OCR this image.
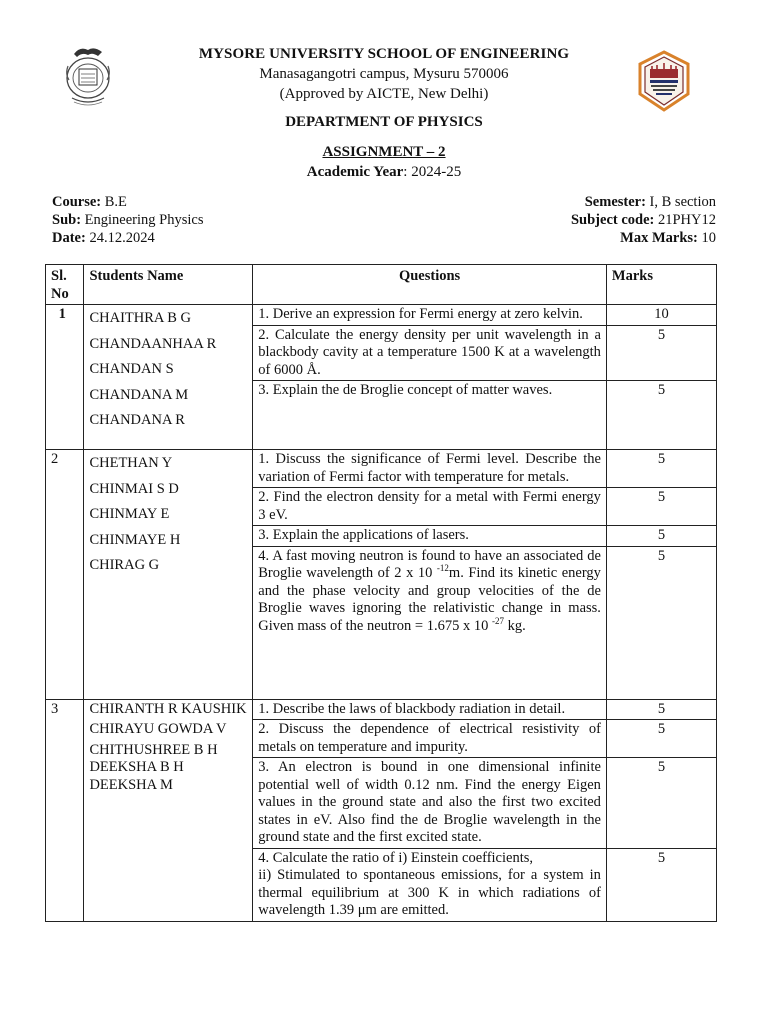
MYSORE UNIVERSITY SCHOOL OF ENGINEERING
Manasagangotri campus, Mysuru 570006
(Approved by AICTE, New Delhi)
DEPARTMENT OF PHYSICS
ASSIGNMENT – 2
Academic Year: 2024-25
Course: B.E
Sub: Engineering Physics
Date: 24.12.2024
Semester: I, B section
Subject code: 21PHY12
Max Marks: 10
Sl. No	Students Name	Questions	Marks
1	CHAITHRA B G
CHANDAANHAA R
CHANDAN S
CHANDANA M
CHANDANA R	1. Derive an expression for Fermi energy at zero kelvin.	10
		2. Calculate the energy density per unit wavelength in a blackbody cavity at a temperature 1500 K at a wavelength of 6000 Å.	5
		3. Explain the de Broglie concept of matter waves.	5
2	CHETHAN Y
CHINMAI S D
CHINMAY E
CHINMAYE H
CHIRAG G	1. Discuss the significance of Fermi level. Describe the variation of Fermi factor with temperature for metals.	5
		2. Find the electron density for a metal with Fermi energy 3 eV.	5
		3. Explain the applications of lasers.	5
		4. A fast moving neutron is found to have an associated de Broglie wavelength of 2 x 10 $^{-12}$m. Find its kinetic energy and the phase velocity and group velocities of the de Broglie waves ignoring the relativistic change in mass. Given mass of the neutron = 1.675 x 10 $^{-27}$ kg.	5
3	CHIRANTH R KAUSHIK
CHIRAYU GOWDA V
CHITHUSHREE B H
DEEKSHA B H
DEEKSHA M	1. Describe the laws of blackbody radiation in detail.	5
		2. Discuss the dependence of electrical resistivity of metals on temperature and impurity.	5
		3. An electron is bound in one dimensional infinite potential well of width 0.12 nm. Find the energy Eigen values in the ground state and also the first two excited states in eV. Also find the de Broglie wavelength in the ground state and the first excited state.	5

		4. Calculate the ratio of i) Einstein coefficients,
ii) Stimulated to spontaneous emissions, for a system in thermal equilibrium at 300 K in which radiations of wavelength 1.39 μm are emitted.	5
